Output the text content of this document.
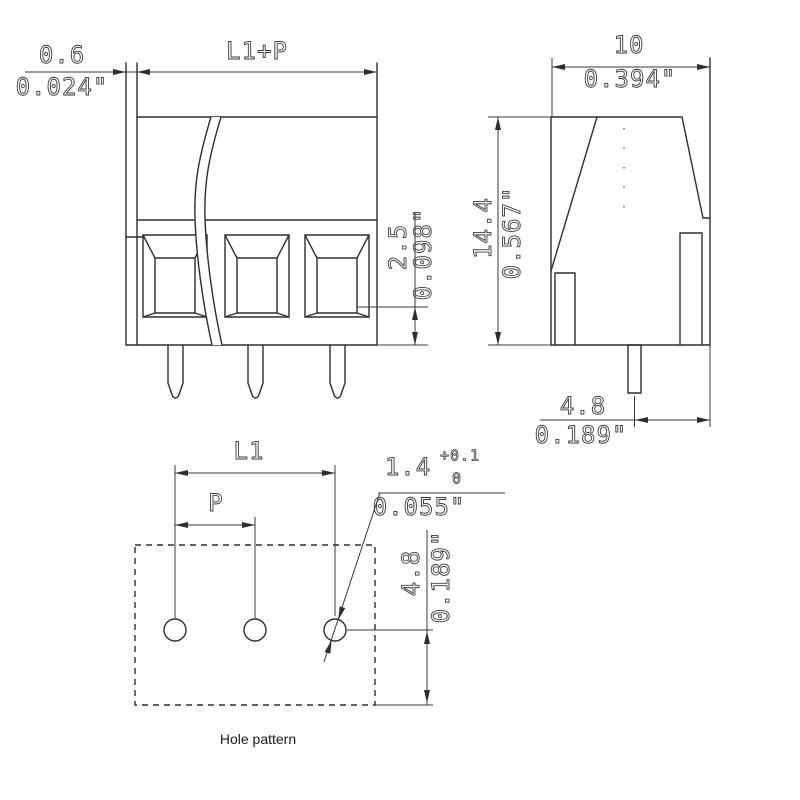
0.6
0.024"
L1+P
2.5
0.098"
10
0.394"
14.4 0.567"
4.8
0.189"
L1
P
1.4 +0.1
0
0.055"
4.8 0.189"
Hole pattern
